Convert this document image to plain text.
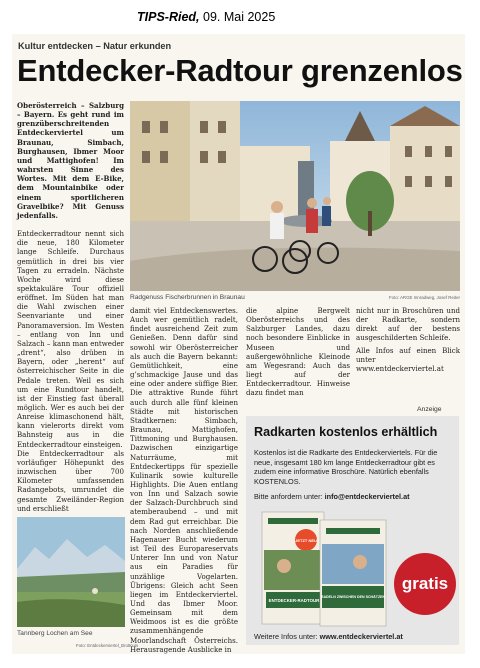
TIPS-Ried, 09. Mai 2025
Kultur entdecken – Natur erkunden
Entdecker-Radtour grenzenlos

Oberösterreich – Salzburg – Bayern. Es geht rund im grenzüberschreitenden Entdeckerviertel um Braunau, Simbach, Burghausen, Ibmer Moor und Mattighofen! Im wahrsten Sinne des Wortes. Mit dem E-Bike, dem Mountainbike oder einem sportlicheren Gravelbike? Mit Genuss jedenfalls.

Entdeckerradtour nennt sich die neue, 180 Kilometer lange Schleife. Durchaus gemütlich in drei bis vier Tagen zu erradeln. Nächste Woche wird diese spektakuläre Tour offiziell eröffnet. Im Süden hat man die Wahl zwischen einer Seenvariante und einer Panoramaversion. Im Westen – entlang von Inn und Salzach – kann man entweder „drent“, also drüben in Bayern, oder „herent“ auf österreichischer Seite in die Pedale treten. Weil es sich um eine Rundtour handelt, ist der Einstieg fast überall möglich. Wer es auch bei der Anreise klimaschonend hält, kann vielerorts direkt vom Bahnsteig aus in die Entdeckerradtour einsteigen.

Die Entdeckerradtour als vorläufiger Höhepunkt des inzwischen über 700 Kilometer umfassenden Radangebots, umrundet die gesamte Zweiländer-Region und erschließt

Radgenuss Fischerbrunnen in Braunau	Foto: ARGE Innradweg, Josef Reiter

damit viel Entdeckenswertes. Auch wer gemütlich radelt, findet ausreichend Zeit zum Genießen. Denn dafür sind sowohl wir Oberösterreicher als auch die Bayern bekannt: Gemütlichkeit, eine g’schmackige Jause und das eine oder andere süffige Bier. Die attraktive Runde führt auch durch alle fünf kleinen Städte mit historischen Stadtkernen: Simbach, Braunau, Mattighofen, Tittmoning und Burghausen. Dazwischen einzigartige Naturräume, mit Entdeckertipps für spezielle Kulinarik sowie kulturelle Highlights. Die Auen entlang von Inn und Salzach sowie der Salzach-Durchbruch sind atemberaubend – und mit dem Rad gut erreichbar. Die nach Norden anschließende Hagenauer Bucht wiederum ist Teil des Europareservats Unterer Inn und von Natur aus ein Paradies für unzählige Vogelarten. Übrigens: Gleich acht Seen liegen im Entdeckerviertel. Und das Ibmer Moor. Gemeinsam mit dem Weidmoos ist es die größte zusammenhängende Moorlandschaft Österreichs. Herausragende Ausblicke in

die alpine Bergwelt Oberösterreichs und des Salzburger Landes, dazu noch besondere Einblicke in Museen und außergewöhnliche Kleinode am Wegesrand: Auch das liegt auf der Entdeckerradtour. Hinweise dazu findet man

nicht nur in Broschüren und der Radkarte, sondern direkt auf der bestens ausgeschilderten Schleife.

Alle Infos auf einen Blick unter www.entdeckerviertel.at

Anzeige
Tannberg Lochen am See
Foto: Entdeckerviertel_BrotKurs
Radkarten kostenlos erhältlich
Kostenlos ist die Radkarte des Entdeckerviertels. Für die neue, insgesamt 180 km lange Entdeckerradtour gibt es zudem eine informative Broschüre. Natürlich ebenfalls KOSTENLOS.
Bitte anfordern unter: info@entdeckerviertel.at
ENTDECKER-RADTOUR
JETZT NEU
RADELN ZWISCHEN DEN SCHÄTZEN
gratis
Weitere Infos unter: www.entdeckerviertel.at
